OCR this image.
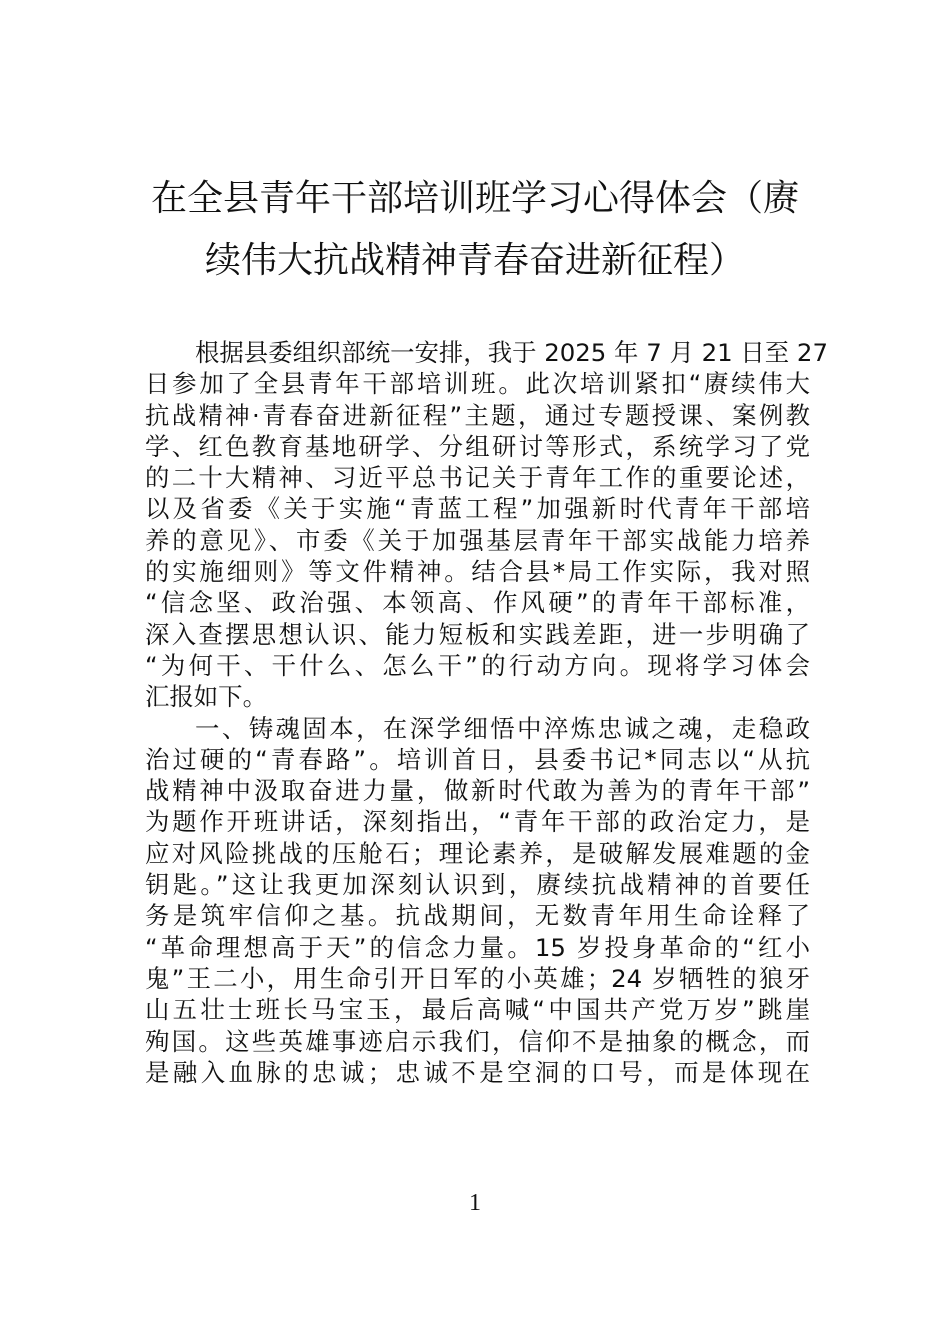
在全县青年干部培训班学习心得体会（赓
续伟大抗战精神青春奋进新征程）
根据县委组织部统一安排，我于 2025 年 7 月 21 日至 27
日参加了全县青年干部培训班。此次培训紧扣“赓续伟大
抗战精神·青春奋进新征程”主题，通过专题授课、案例教
学、红色教育基地研学、分组研讨等形式，系统学习了党
的二十大精神、习近平总书记关于青年工作的重要论述，
以及省委《关于实施“青蓝工程”加强新时代青年干部培
养的意见》、市委《关于加强基层青年干部实战能力培养
的实施细则》等文件精神。结合县*局工作实际，我对照
“信念坚、政治强、本领高、作风硬”的青年干部标准，
深入查摆思想认识、能力短板和实践差距，进一步明确了
“为何干、干什么、怎么干”的行动方向。现将学习体会
汇报如下。
一、铸魂固本，在深学细悟中淬炼忠诚之魂，走稳政
治过硬的“青春路”。培训首日，县委书记*同志以“从抗
战精神中汲取奋进力量，做新时代敢为善为的青年干部”
为题作开班讲话，深刻指出，“青年干部的政治定力，是
应对风险挑战的压舱石；理论素养，是破解发展难题的金
钥匙。”这让我更加深刻认识到，赓续抗战精神的首要任
务是筑牢信仰之基。抗战期间，无数青年用生命诠释了
“革命理想高于天”的信念力量。15 岁投身革命的“红小
鬼”王二小，用生命引开日军的小英雄；24 岁牺牲的狼牙
山五壮士班长马宝玉，最后高喊“中国共产党万岁”跳崖
殉国。这些英雄事迹启示我们，信仰不是抽象的概念，而
是融入血脉的忠诚；忠诚不是空洞的口号，而是体现在
1
